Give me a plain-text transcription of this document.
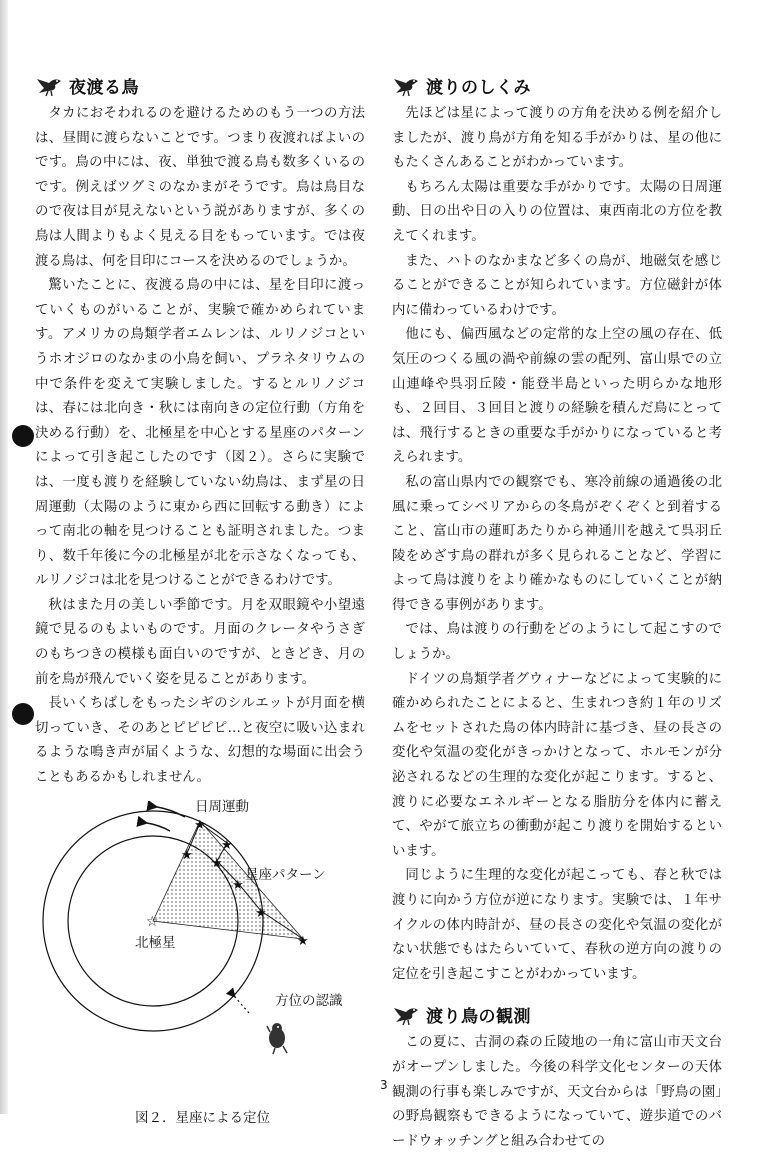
夜渡る鳥

タカにおそわれるのを避けるためのもう一つの方法は、昼間に渡らないことです。つまり夜渡ればよいのです。鳥の中には、夜、単独で渡る鳥も数多くいるのです。例えばツグミのなかまがそうです。鳥は鳥目なので夜は目が見えないという説がありますが、多くの鳥は人間よりもよく見える目をもっています。では夜渡る鳥は、何を目印にコースを決めるのでしょうか。

驚いたことに、夜渡る鳥の中には、星を目印に渡っていくものがいることが、実験で確かめられています。アメリカの鳥類学者エムレンは、ルリノジコというホオジロのなかまの小鳥を飼い、プラネタリウムの中で条件を変えて実験しました。するとルリノジコは、春には北向き・秋には南向きの定位行動（方角を決める行動）を、北極星を中心とする星座のパターンによって引き起こしたのです（図２）。さらに実験では、一度も渡りを経験していない幼鳥は、まず星の日周運動（太陽のように東から西に回転する動き）によって南北の軸を見つけることも証明されました。つまり、数千年後に今の北極星が北を示さなくなっても、ルリノジコは北を見つけることができるわけです。

秋はまた月の美しい季節です。月を双眼鏡や小望遠鏡で見るのもよいものです。月面のクレータやうさぎのもちつきの模様も面白いのですが、ときどき、月の前を鳥が飛んでいく姿を見ることがあります。

長いくちばしをもったシギのシルエットが月面を横切っていき、そのあとピピピピ…と夜空に吸い込まれるような鳴き声が届くような、幻想的な場面に出会うこともあるかもしれません。

★
★
★
★
★
★
★
☆
日周運動
星座パターン
北極星
方位の認識
図２．星座による定位
渡りのしくみ

先ほどは星によって渡りの方角を決める例を紹介しましたが、渡り鳥が方角を知る手がかりは、星の他にもたくさんあることがわかっています。

もちろん太陽は重要な手がかりです。太陽の日周運動、日の出や日の入りの位置は、東西南北の方位を教えてくれます。

また、ハトのなかまなど多くの鳥が、地磁気を感じることができることが知られています。方位磁針が体内に備わっているわけです。

他にも、偏西風などの定常的な上空の風の存在、低気圧のつくる風の渦や前線の雲の配列、富山県での立山連峰や呉羽丘陵・能登半島といった明らかな地形も、２回目、３回目と渡りの経験を積んだ鳥にとっては、飛行するときの重要な手がかりになっていると考えられます。

私の富山県内での観察でも、寒冷前線の通過後の北風に乗ってシベリアからの冬鳥がぞくぞくと到着すること、富山市の蓮町あたりから神通川を越えて呉羽丘陵をめざす鳥の群れが多く見られることなど、学習によって鳥は渡りをより確かなものにしていくことが納得できる事例があります。

では、鳥は渡りの行動をどのようにして起こすのでしょうか。

ドイツの鳥類学者グウィナーなどによって実験的に確かめられたことによると、生まれつき約１年のリズムをセットされた鳥の体内時計に基づき、昼の長さの変化や気温の変化がきっかけとなって、ホルモンが分泌されるなどの生理的な変化が起こります。すると、渡りに必要なエネルギーとなる脂肪分を体内に蓄えて、やがて旅立ちの衝動が起こり渡りを開始するといいます。

同じように生理的な変化が起こっても、春と秋では渡りに向かう方位が逆になります。実験では、１年サイクルの体内時計が、昼の長さの変化や気温の変化がない状態でもはたらいていて、春秋の逆方向の渡りの定位を引き起こすことがわかっています。

渡り鳥の観測

この夏に、古洞の森の丘陵地の一角に富山市天文台がオープンしました。今後の科学文化センターの天体観測の行事も楽しみですが、天文台からは「野鳥の園」の野鳥観察もできるようになっていて、遊歩道でのバードウォッチングと組み合わせての

3
